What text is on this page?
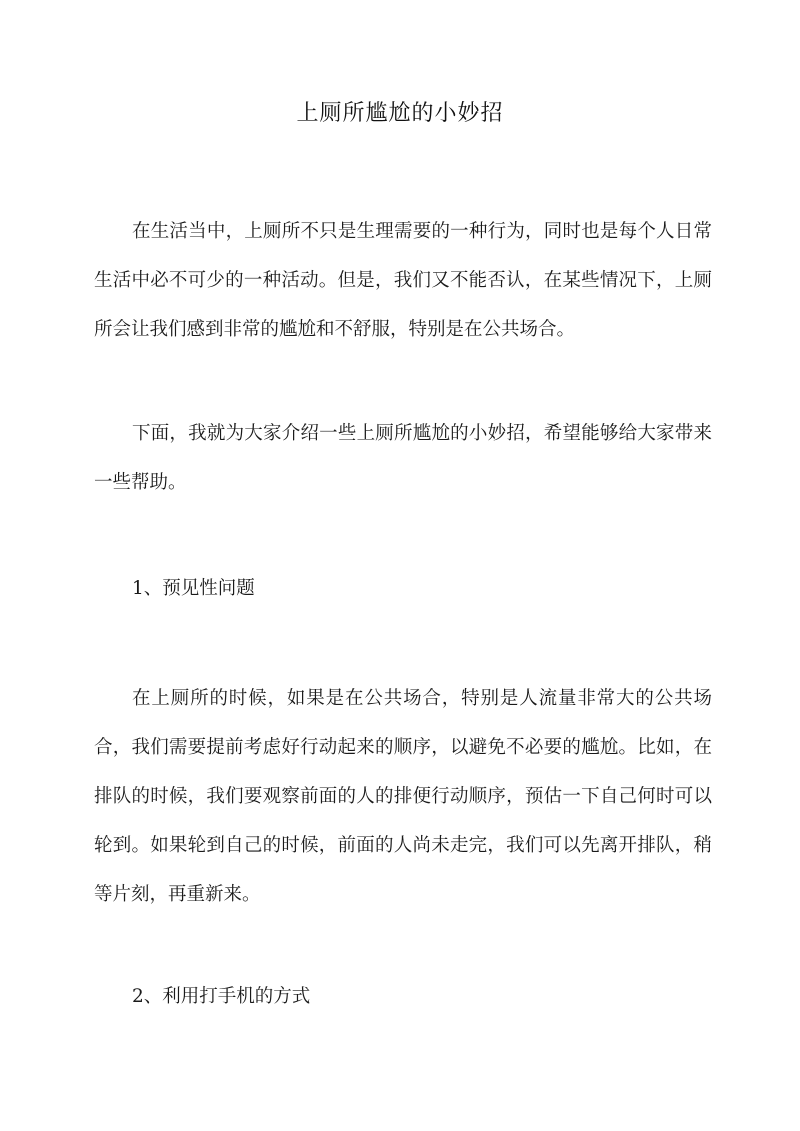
上厕所尴尬的小妙招
在生活当中，上厕所不只是生理需要的一种行为，同时也是每个人日常生活中必不可少的一种活动。但是，我们又不能否认，在某些情况下，上厕所会让我们感到非常的尴尬和不舒服，特别是在公共场合。
下面，我就为大家介绍一些上厕所尴尬的小妙招，希望能够给大家带来一些帮助。
1、预见性问题
在上厕所的时候，如果是在公共场合，特别是人流量非常大的公共场合，我们需要提前考虑好行动起来的顺序，以避免不必要的尴尬。比如，在排队的时候，我们要观察前面的人的排便行动顺序，预估一下自己何时可以轮到。如果轮到自己的时候，前面的人尚未走完，我们可以先离开排队，稍等片刻，再重新来。
2、利用打手机的方式
